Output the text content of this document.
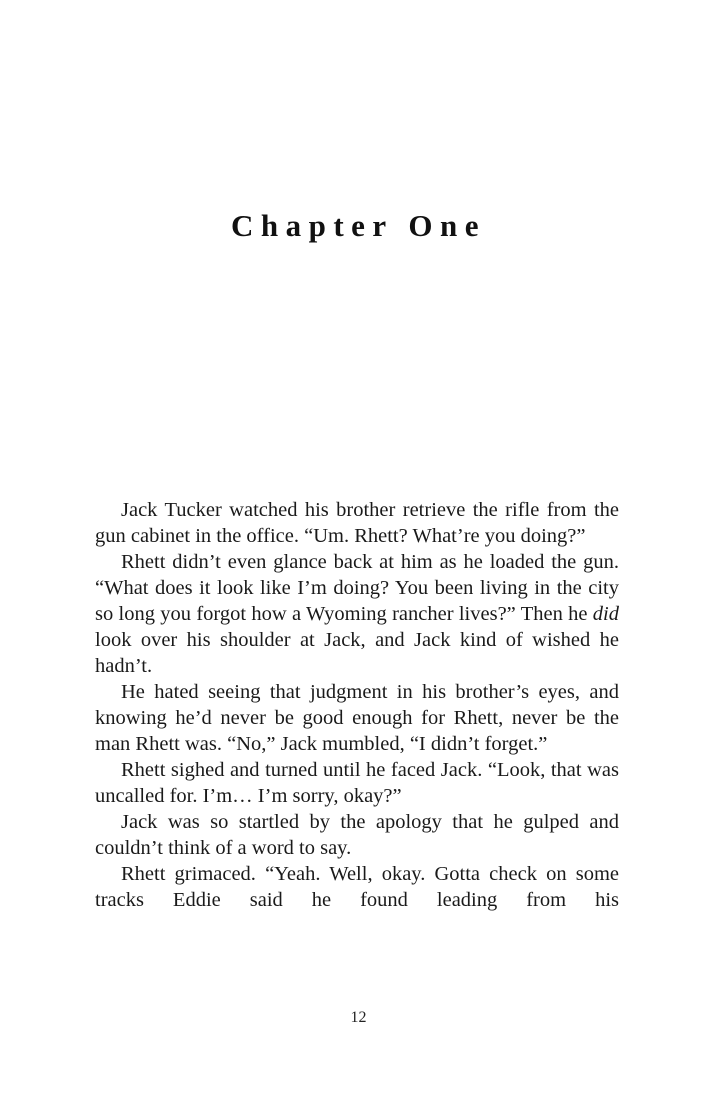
Chapter One

Jack Tucker watched his brother retrieve the rifle from the gun cabinet in the office. “Um. Rhett? What’re you doing?”

Rhett didn’t even glance back at him as he loaded the gun. “What does it look like I’m doing? You been living in the city so long you forgot how a Wyoming rancher lives?” Then he did look over his shoulder at Jack, and Jack kind of wished he hadn’t.

He hated seeing that judgment in his brother’s eyes, and knowing he’d never be good enough for Rhett, never be the man Rhett was. “No,” Jack mumbled, “I didn’t forget.”

Rhett sighed and turned until he faced Jack. “Look, that was uncalled for. I’m… I’m sorry, okay?”

Jack was so startled by the apology that he gulped and couldn’t think of a word to say.

Rhett grimaced. “Yeah. Well, okay. Gotta check on some tracks Eddie said he found leading from his

12
